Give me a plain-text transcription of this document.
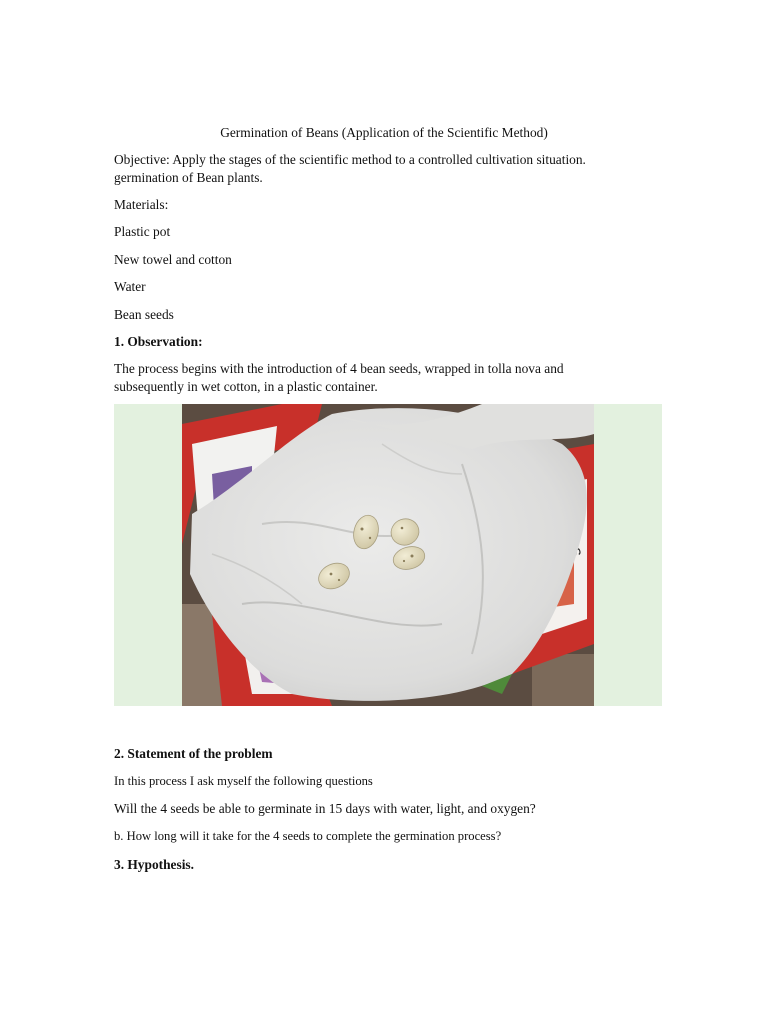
Germination of Beans (Application of the Scientific Method)
Objective: Apply the stages of the scientific method to a controlled cultivation situation.
germination of Bean plants.
Materials:
Plastic pot
New towel and cotton
Water
Bean seeds
1. Observation:
The process begins with the introduction of 4 bean seeds, wrapped in tolla nova and
subsequently in wet cotton, in a plastic container.
2. Statement of the problem
In this process I ask myself the following questions
Will the 4 seeds be able to germinate in 15 days with water, light, and oxygen?
b. How long will it take for the 4 seeds to complete the germination process?
3. Hypothesis.
